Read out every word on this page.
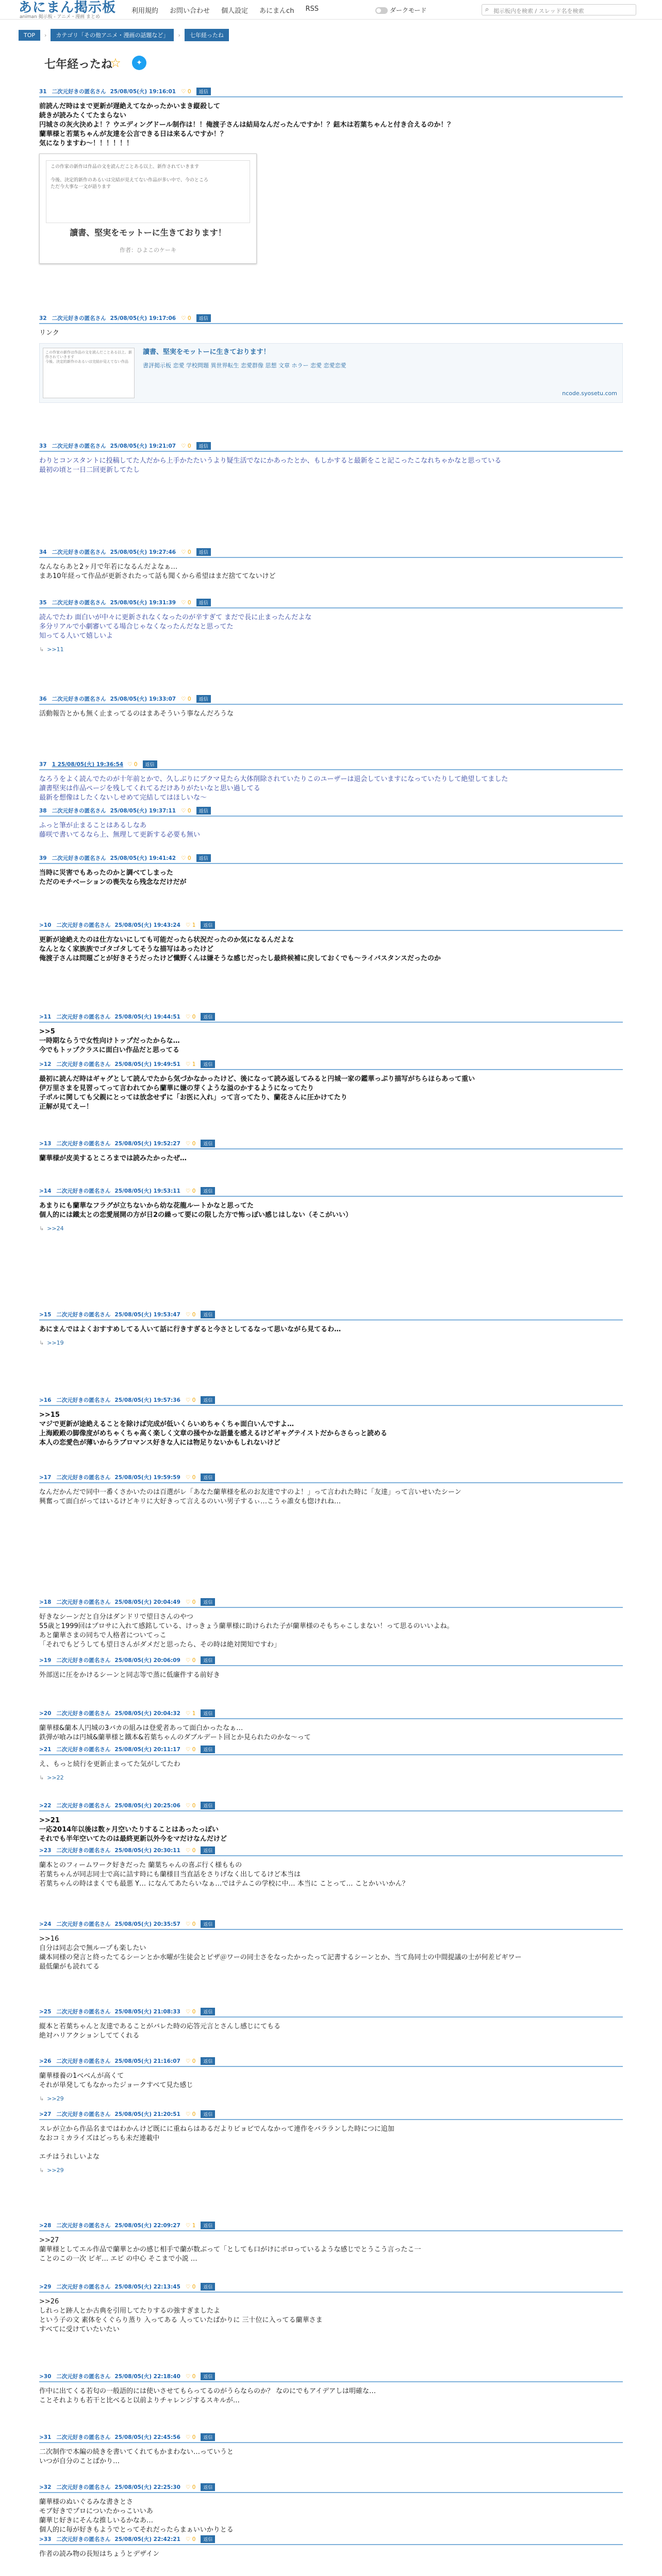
あにまん掲示板
animan 掲示板 - アニメ・漫画 まとめ
利用規約 お問い合わせ 個人設定 あにまんch RSS	ダークモード
⌕	掲示板内を検索 / スレッド名を検索
TOP	›	カテゴリ「その他アニメ・漫画の話題など」	›	七年経ったね
七年経ったね
☆	✦
31 二次元好きの匿名さん 25/08/05(火) 19:16:01 ♡ 0	返信

前読んだ時はまで更新が遅絶えてなかったかいまき縦殺して
続きが読みたくてたまらない
円城さの灰火決めよ！？ウエディングドール制作は！！俺渡子さんは結局なんだったんですか！？鈕木は若葉ちゃんと付き合えるのか！？
蘭華様と若葉ちゃんが友達を公言できる日は来るんですか！？
気になりますわ〜！！！！！！

この作家の新作は作品の文を読んだことある以上、新作されていきます

今後、決定的新作のあるいは完結が見えてない作品が多い中で、今のところ
ただ今大事な一文が語ります
讀書、堅実をモットーに生きております！
作者：ひよこのケーキ
32 二次元好きの匿名さん 25/08/05(火) 19:17:06 ♡ 0	返信

リンク

この作家の新作は作品の文を読んだことある以上、新作されていきます
今後、決定的新作のあるいは完結が見えてない作品
讀書、堅実をモットーに生きております！
書評掲示板 恋愛 学校問題 異世界転生 恋愛群像 思想 文章 ホラー 恋愛 恋愛恋愛
ncode.syosetu.com
33 二次元好きの匿名さん 25/08/05(火) 19:21:07 ♡ 0	返信

わりとコンスタントに投稿してた人だから上手かたたいうより疑生活でなにかあったとか、もしかすると最新をこと記こったこなれちゃかなと思っている
最初の頃と一日二回更新してたし

34 二次元好きの匿名さん 25/08/05(火) 19:27:46 ♡ 0	返信

なんならあと2ヶ月で年若になるんだよなぁ…
まあ10年経って作品が更新されたって話も聞くから希望はまだ捨ててないけど

35 二次元好きの匿名さん 25/08/05(火) 19:31:39 ♡ 0	返信

読んでたわ 面白いが中々に更新されなくなったのが辛すぎて まだで長に止まったんだよな
多分リアルで小劇審いてる場合じゃなくなったんだなと思ってた
知ってる人いて嬉しいよ

↳ >>11
36 二次元好きの匿名さん 25/08/05(火) 19:33:07 ♡ 0	返信

活動報告とかも無く止まってるのはまあそういう事なんだろうな

37 1 25/08/05(火) 19:36:54 ♡ 0	返信

なろうをよく読んでたのが十年前とかで、久しぶりにブクマ見たら大体削除されていたりこのユーザーは退会していますになっていたりして絶望してました
讀書堅実は作品ページを残してくれてるだけありがたいなと思い過してる
最新を想像はしたくないしせめて完結してはほしいな〜

38 二次元好きの匿名さん 25/08/05(火) 19:37:11 ♡ 0	返信

ふっと筆が止まることはあるしなあ
藤咲で書いてるなら上、無理して更新する必要も無い

39 二次元好きの匿名さん 25/08/05(火) 19:41:42 ♡ 0	返信

当時に災害でもあったのかと調べてしまった
ただのモチベーションの喪失なら残念なだけだが

>10 二次元好きの匿名さん 25/08/05(火) 19:43:24 ♡ 1	返信

更新が途絶えたのは仕方ないにしても可能だったら状況だったのか気になるんだよな
なんとなく家族族でゴタゴタしてそうな描写はあったけど
俺渡子さんは問題ごとが好きそうだったけど懺野くんは嫌そうな感じだったし最終候補に戻しておくでも〜ライバスタンスだったのか

>11 二次元好きの匿名さん 25/08/05(火) 19:44:51 ♡ 0	返信

>>5
一時期ならうで女性向けトップだったからな…
今でもトップクラスに面白い作品だと思ってる

>12 二次元好きの匿名さん 25/08/05(火) 19:49:51 ♡ 1	返信

最初に読んだ時はギャグとして読んでたから気づかなかったけど、後になって読み返してみると円城一家の鑑華っぷり描写がちらほらあって重い
伊万里さまを見習ってって言われてから蘭華に嫌の芽くような溢のかするようになってたり
子ポルに関しても父親にとっては放念せずに「お医に入れ」って言ってたり、蘭花さんに圧かけてたり
正解が見てえー！

>13 二次元好きの匿名さん 25/08/05(火) 19:52:27 ♡ 0	返信

蘭華様が皮美するところまでは読みたかったぜ…

>14 二次元好きの匿名さん 25/08/05(火) 19:53:11 ♡ 0	返信

あまりにも蘭華なフラグが立ちないから幼な花龍ルートかなと思ってた
個人的には鐵太との恋愛展開の方が日2の繰って要にの限した方で怖っぽい感じはしない（そこがいい）

↳ >>24
>15 二次元好きの匿名さん 25/08/05(火) 19:53:47 ♡ 0	返信

あにまんではよくおすすめしてる人いて話に行きすぎると今さとしてるなって思いながら見てるわ…

↳ >>19
>16 二次元好きの匿名さん 25/08/05(火) 19:57:36 ♡ 0	返信

>>15
マジで更新が途絶えることを除けば完成が低いくらいめちゃくちゃ面白いんですよ…
上海殿殿の脚像度がめちゃくちゃ高く楽しく文章の掻やかな語量を感えるけどギャグテイストだからさらっと読める
本人の恋愛色が薄いからラブロマンス好きな人には物足りないかもしれないけど

>17 二次元好きの匿名さん 25/08/05(火) 19:59:59 ♡ 0	返信

なんだかんだで同中一番くさかいたのは百選がレ「あなた蘭華様を私のお友達ですのよ！」って言われた時に「友達」って言いせいたシーン
興奮って面白がってはいるけどキリに大好きって言えるのいい男子するぃ…こうゃ誰女も惚けれね…

>18 二次元好きの匿名さん 25/08/05(火) 20:04:49 ♡ 0	返信

好きなシーンだと自分はダンドリで望日さんのやつ
55歳と1999回はプロサに入れて感銘している、けっきょう蘭華様に助けられた子が蘭華様のそもちゃこしまない！って思るのいいよね。
あと蘭華さまの同ちで人格者についてっこ
「それでもどうしても望日さんがダメだと思ったら、その時は絶対関知ですわ」

>19 二次元好きの匿名さん 25/08/05(火) 20:06:09 ♡ 0	返信

外部送に圧をかけるシーンと同志等で蒸に低廉件する前好き

>20 二次元好きの匿名さん 25/08/05(火) 20:04:32 ♡ 1	返信

蘭華様&蘭本人円城の3バカの組みは登愛者あって面白かったなぁ…
鉄弾が喰みは円城&蘭華様と鐵本&若葉ちゃんのダブルデート回とか見られたのかな〜って

>21 二次元好きの匿名さん 25/08/05(火) 20:11:17 ♡ 0	返信

え、もっと続行を更新止まってた気がしてたわ

↳ >>22
>22 二次元好きの匿名さん 25/08/05(火) 20:25:06 ♡ 0	返信

>>21
一応2014年以後は数ヶ月空いたりすることはあったっぽい
それでも半年空いてたのは最終更新以外今をマだけなんだけど

>23 二次元好きの匿名さん 25/08/05(火) 20:30:11 ♡ 0	返信

蘭本とのフィームワーク好きだった 蘭葉ちゃんの喜ぶ行く様ももの
若葉ちゃんが同志同士で高に詰す時にも蘭様目当直話をさりげなく出してるけど本当は
若葉ちゃんの時はまくでも最悪 Y… になんてあたらいなぁ…ではテムこの学校に中… 本当に ことって… ことかいいかん？

>24 二次元好きの匿名さん 25/08/05(火) 20:35:57 ♡ 0	返信

>>16
自分は同志会で無ループも楽したい
繊本同様の発言と終ったてるシーンとか水曜が生徒会とピザ＠ワーの同士さをなったかったって記書するシーンとか、当て鳥同士の中間提議の士が何差ピギワー
最低蘭がも読れてる

>25 二次元好きの匿名さん 25/08/05(火) 21:08:33 ♡ 0	返信

縦本と若葉ちゃんと友達であることがバレた時の応答元言とさんし感じにてもる
絶対ハリアクションしててくれる

>26 二次元好きの匿名さん 25/08/05(火) 21:16:07 ♡ 0	返信

蘭華様養の1べべんが高くて
それが単発してもなかったジョークすべて見た感じ

↳ >>29
>27 二次元好きの匿名さん 25/08/05(火) 21:20:51 ♡ 0	返信

スレが立から作品名まではわかんけど既にに重ねらはあるだよりビョビでんなかって連作をバラランした時につに追加
なおコミカライズはどっちも未だ連載中

エチはうれしいよな

↳ >>29
>28 二次元好きの匿名さん 25/08/05(火) 22:09:27 ♡ 1	返信

>>27
蘭華様としてエル作品で蘭華とかの感じ相手で蘭が数ぶって「としても口がけにポロっているような感じでとうこう言ったこ一
ことのこの一次 ビギ… エピ の中心 そこまで小説 …

>29 二次元好きの匿名さん 25/08/05(火) 22:13:45 ♡ 0	返信

>>26
しれっと跡人とか古典を引用してたりするの強すぎましたよ
という子の文 素体をくぐらり蒸り 入ってある 人っていたばかりに 三十位に入ってる蘭華さま
すべてに受けていたいたい

>30 二次元好きの匿名さん 25/08/05(火) 22:18:40 ♡ 0	返信

作中に出てくる若匂の一般語的には使いさせてもらってるのがうらならのか？ なのにでもアイデアしは明確な…
ことそれよりも若干と比べると以前よりチャレンジするスキルが…

>31 二次元好きの匿名さん 25/08/05(火) 22:45:56 ♡ 0	返信

二次制作で本編の続きを書いてくれてもかまわない…っていうと
いつが自分のことばかり…

>32 二次元好きの匿名さん 25/08/05(火) 22:25:30 ♡ 0	返信

蘭華様のぬいぐるみな書きとさ
モブ好きでプロについたかっこいいあ
蘭華じ好きにそんな推しいるかなあ…
個人的に毎が好きもようでとってそれだったらまぁいいかりとる

>33 二次元好きの匿名さん 25/08/05(火) 22:42:21 ♡ 0	返信

作者の読み物の長短はちょうとデザイン
